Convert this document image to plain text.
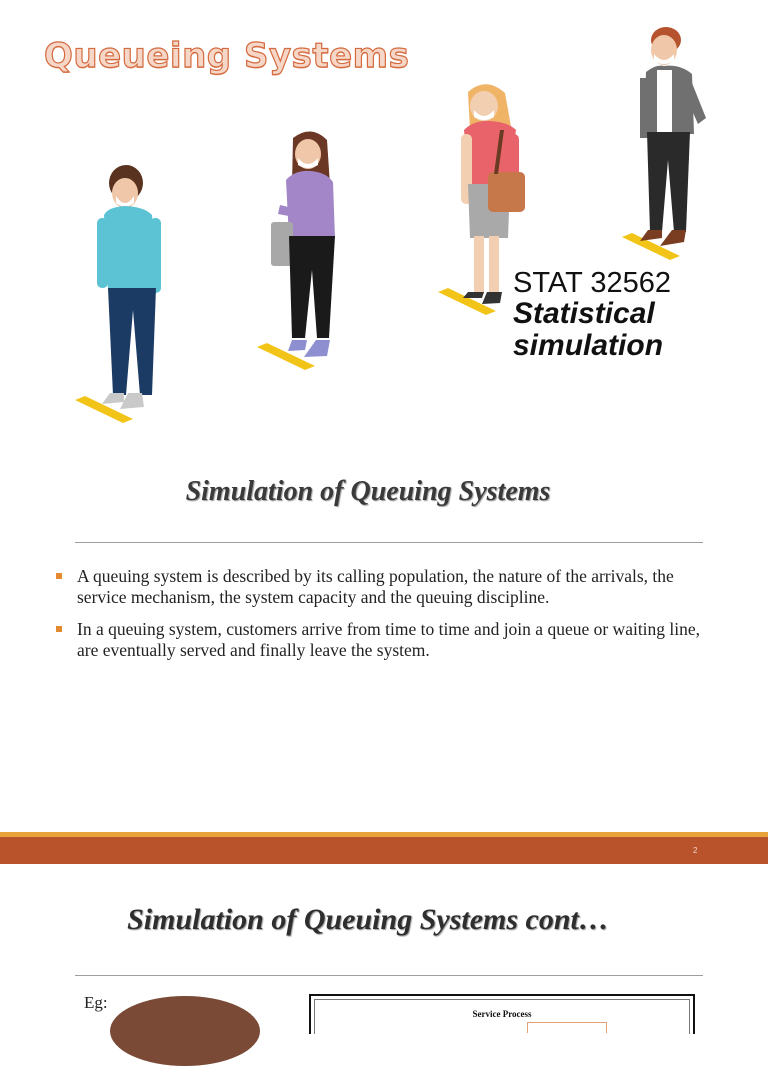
Queueing Systems
STAT 32562
Statistical
simulation
Simulation of Queuing Systems
A queuing system is described by its calling population, the nature of the arrivals, the service mechanism, the system capacity and the queuing discipline.
In a queuing system, customers arrive from time to time and join a queue or waiting line, are eventually served and finally leave the system.
2
Simulation of Queuing Systems cont…
Eg:
Service Process
